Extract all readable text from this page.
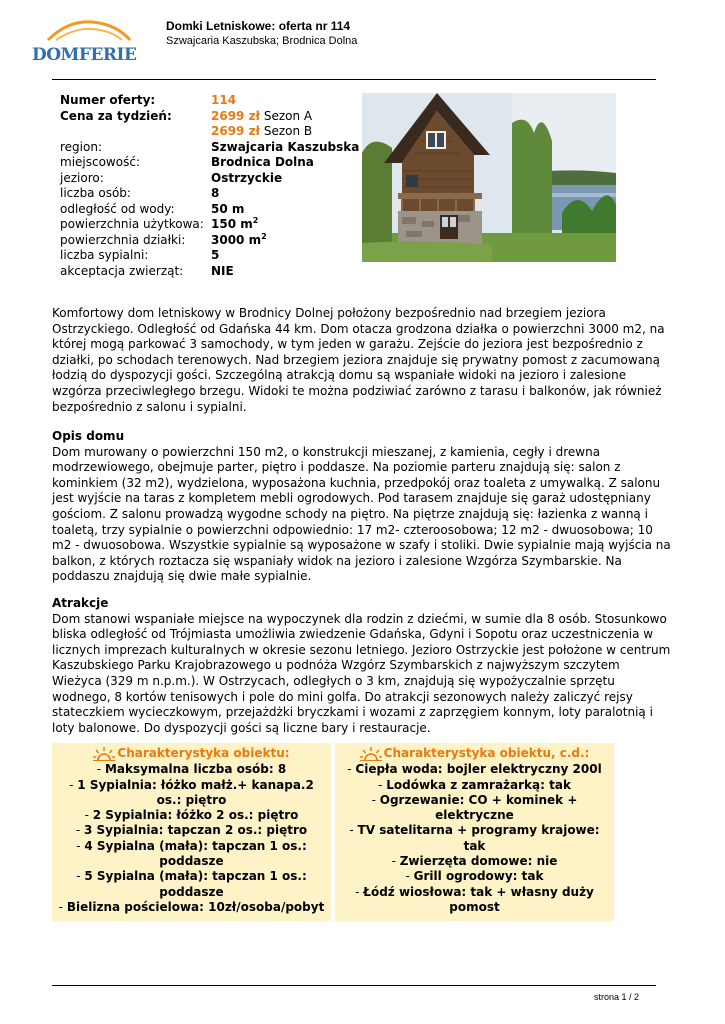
DOMFERIE
Domki Letniskowe: oferta nr 114
Szwajcaria Kaszubska; Brodnica Dolna
Numer oferty:	114
Cena za tydzień:	2699 zł Sezon A
2699 zł Sezon B
region:	Szwajcaria Kaszubska
miejscowość:	Brodnica Dolna
jezioro:	Ostrzyckie
liczba osób:	8
odległość od wody:	50 m
powierzchnia użytkowa: 150 $m^2$
powierzchnia działki:	3000 $m^2$
liczba sypialni:	5
akceptacja zwierząt:	NIE

Komfortowy dom letniskowy w Brodnicy Dolnej położony bezpośrednio nad brzegiem jeziora Ostrzyckiego. Odległość od Gdańska 44 km. Dom otacza grodzona działka o powierzchni 3000 m2, na której mogą parkować 3 samochody, w tym jeden w garażu. Zejście do jeziora jest bezpośrednio z działki, po schodach terenowych. Nad brzegiem jeziora znajduje się prywatny pomost z zacumowaną łodzią do dyspozycji gości. Szczególną atrakcją domu są wspaniałe widoki na jezioro i zalesione wzgórza przeciwległego brzegu. Widoki te można podziwiać zarówno z tarasu i balkonów, jak również bezpośrednio z salonu i sypialni.

Opis domu

Dom murowany o powierzchni 150 m2, o konstrukcji mieszanej, z kamienia, cegły i drewna modrzewiowego, obejmuje parter, piętro i poddasze. Na poziomie parteru znajdują się: salon z kominkiem (32 m2), wydzielona, wyposażona kuchnia, przedpokój oraz toaleta z umywalką. Z salonu jest wyjście na taras z kompletem mebli ogrodowych. Pod tarasem znajduje się garaż udostępniany gościom. Z salonu prowadzą wygodne schody na piętro. Na piętrze znajdują się: łazienka z wanną i toaletą, trzy sypialnie o powierzchni odpowiednio: 17 m2- czteroosobowa; 12 m2 - dwuosobowa; 10 m2 - dwuosobowa. Wszystkie sypialnie są wyposażone w szafy i stoliki. Dwie sypialnie mają wyjścia na balkon, z których roztacza się wspaniały widok na jezioro i zalesione Wzgórza Szymbarskie. Na poddaszu znajdują się dwie małe sypialnie.

Atrakcje

Dom stanowi wspaniałe miejsce na wypoczynek dla rodzin z dziećmi, w sumie dla 8 osób. Stosunkowo bliska odległość od Trójmiasta umożliwia zwiedzenie Gdańska, Gdyni i Sopotu oraz uczestniczenia w licznych imprezach kulturalnych w okresie sezonu letniego. Jezioro Ostrzyckie jest położone w centrum Kaszubskiego Parku Krajobrazowego u podnóża Wzgórz Szymbarskich z najwyższym szczytem Wieżyca (329 m n.p.m.). W Ostrzycach, odległych o 3 km, znajdują się wypożyczalnie sprzętu wodnego, 8 kortów tenisowych i pole do mini golfa. Do atrakcji sezonowych należy zaliczyć rejsy stateczkiem wycieczkowym, przejażdżki bryczkami i wozami z zaprzęgiem konnym, loty paralotnią i loty balonowe. Do dyspozycji gości są liczne bary i restauracje.

Charakterystyka obiektu:
- Maksymalna liczba osób: 8
- 1 Sypialnia: łóżko małż.+ kanapa.2 os.: piętro
- 2 Sypialnia: łóżko 2 os.: piętro
- 3 Sypialnia: tapczan 2 os.: piętro
- 4 Sypialna (mała): tapczan 1 os.: poddasze
- 5 Sypialna (mała): tapczan 1 os.: poddasze
- Bielizna pościelowa: 10zł/osoba/pobyt
Charakterystyka obiektu, c.d.:
- Ciepła woda: bojler elektryczny 200l
- Lodówka z zamrażarką: tak
- Ogrzewanie: CO + kominek + elektryczne
- TV satelitarna + programy krajowe: tak
- Zwierzęta domowe: nie
- Grill ogrodowy: tak
- Łódź wiosłowa: tak + własny duży pomost
strona 1 / 2
